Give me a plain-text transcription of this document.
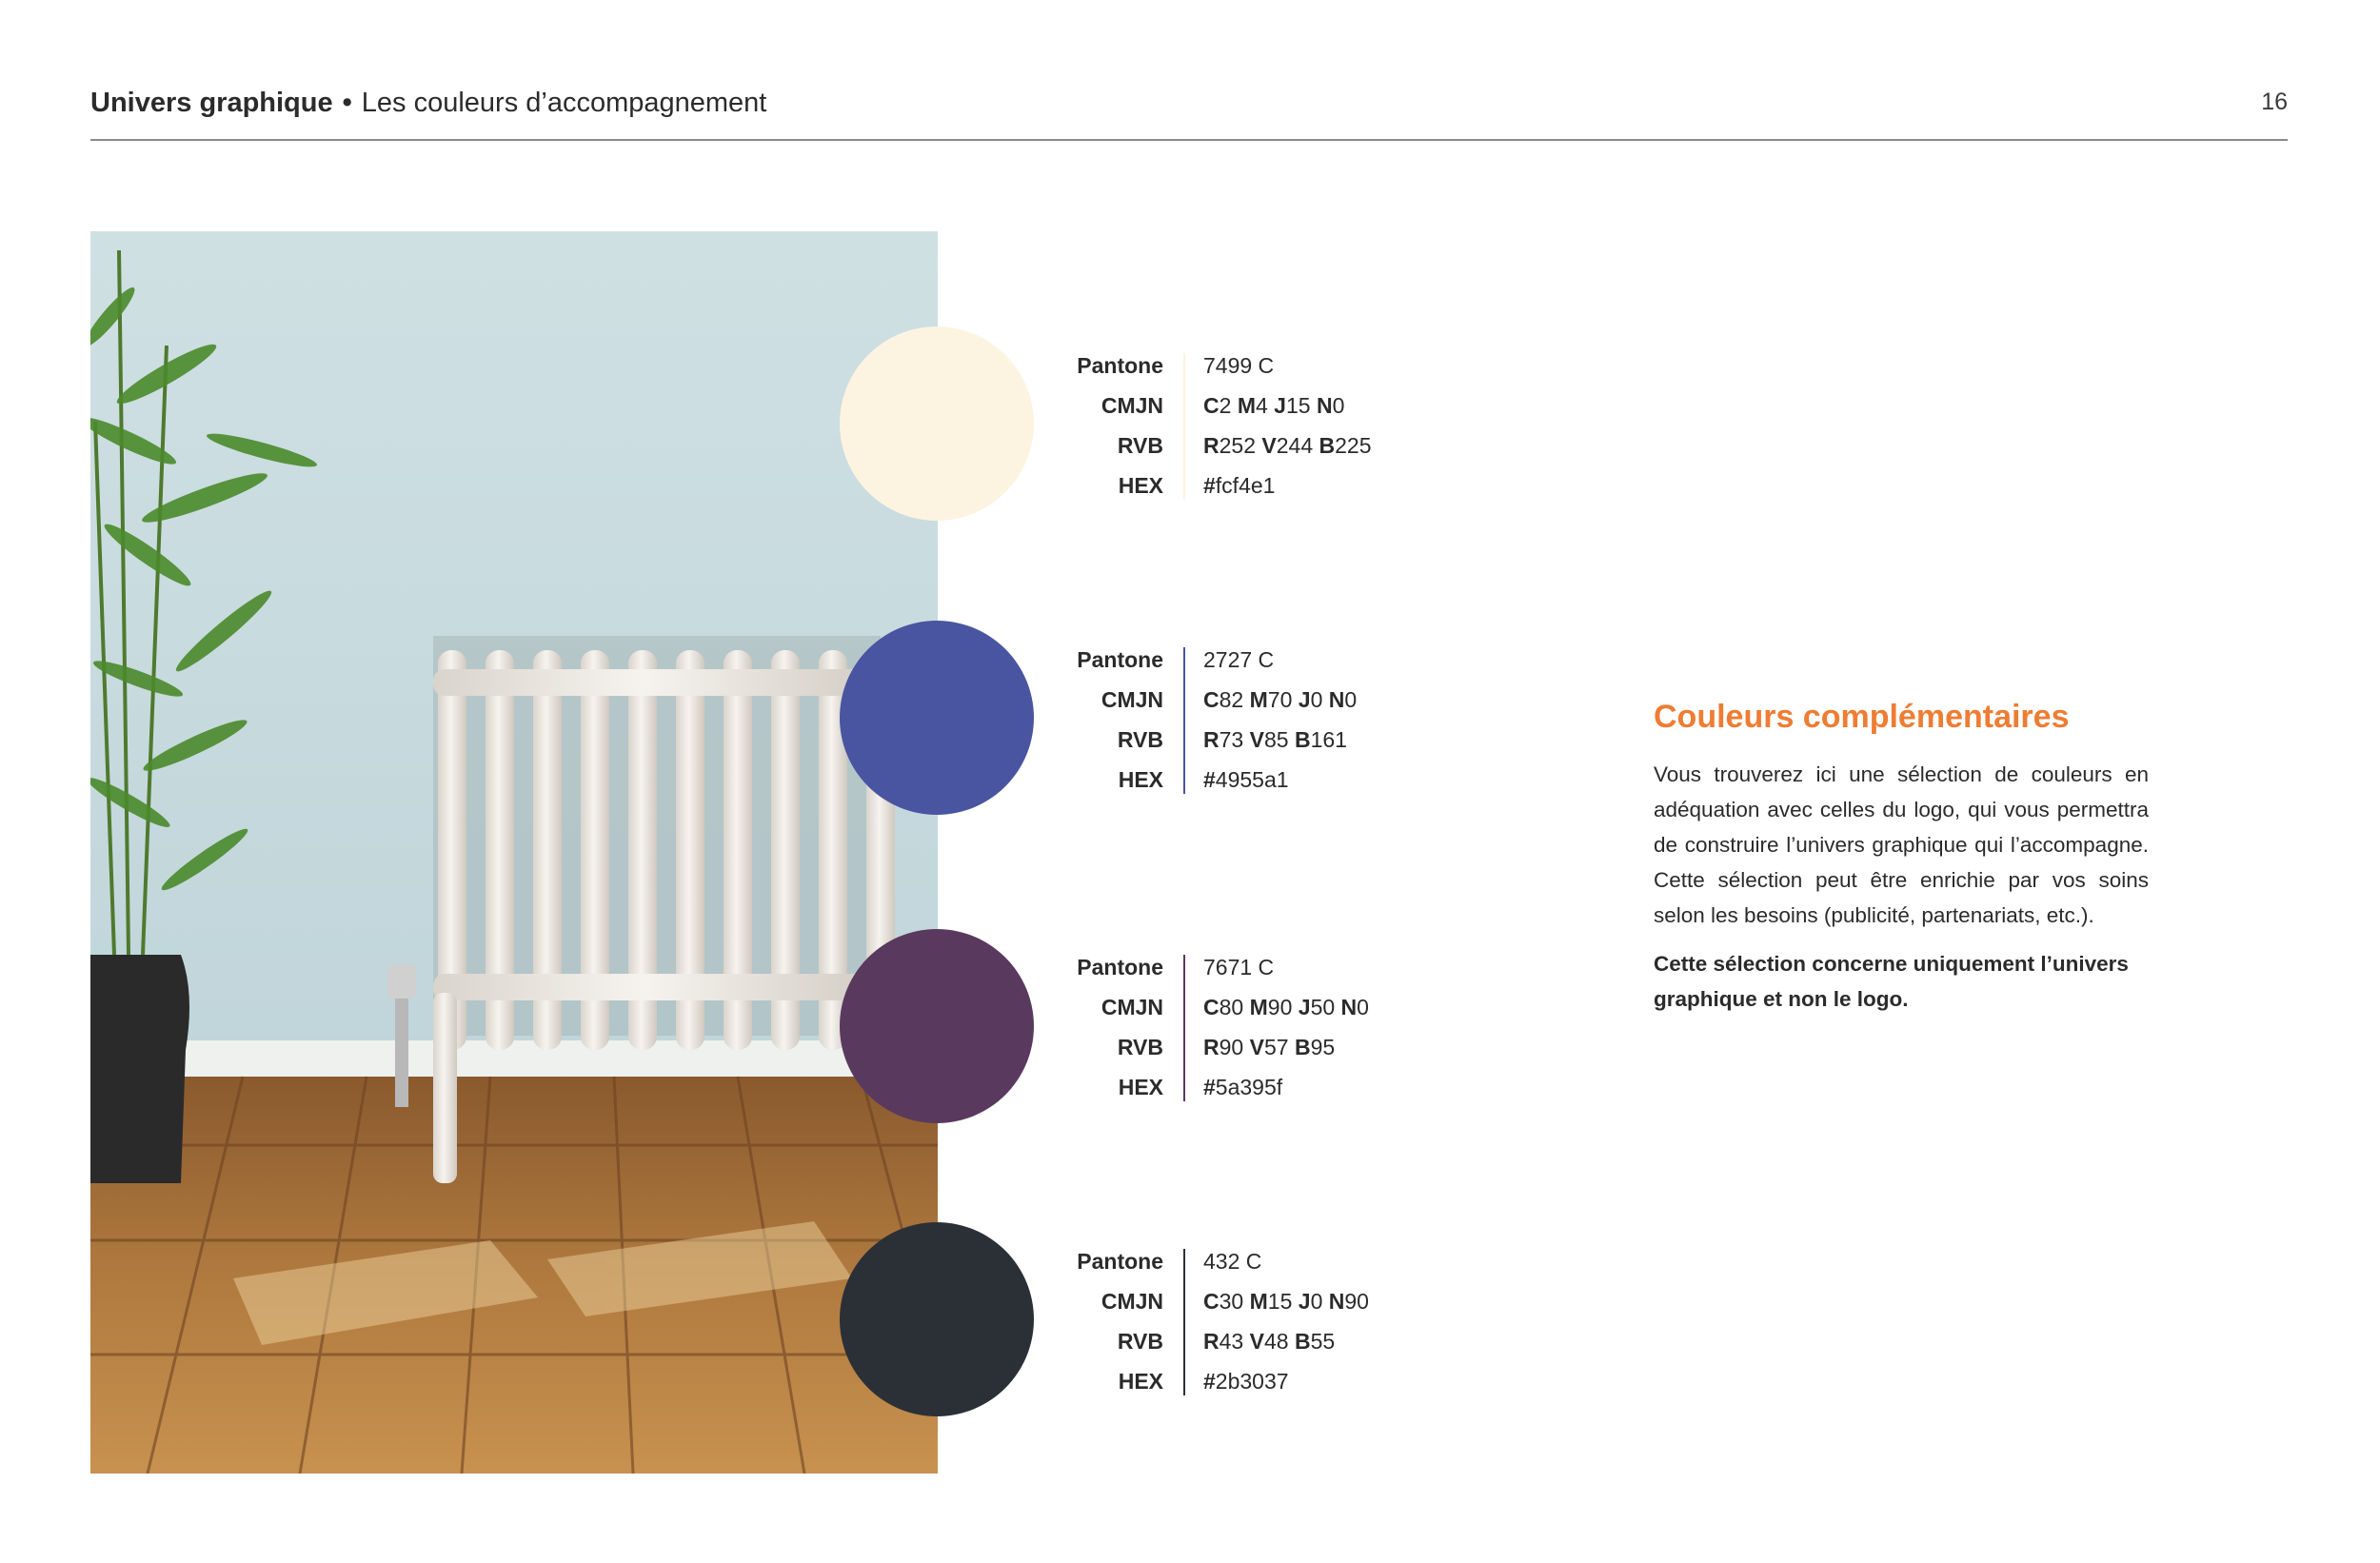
Univers graphique • Les couleurs d’accompagnement	16
Pantone 7499 C
CMJN C2 M4 J15 N0
RVB R252 V244 B225
HEX #fcf4e1
Pantone 2727 C
CMJN C82 M70 J0 N0
RVB R73 V85 B161
HEX #4955a1
Pantone 7671 C
CMJN C80 M90 J50 N0
RVB R90 V57 B95
HEX #5a395f
Pantone 432 C
CMJN C30 M15 J0 N90
RVB R43 V48 B55
HEX #2b3037
Couleurs complémentaires

Vous trouverez ici une sélection de couleurs en adéquation avec celles du logo, qui vous permettra de construire l’univers graphique qui l’accompagne. Cette sélection peut être enrichie par vos soins selon les besoins (publicité, partenariats, etc.).

Cette sélection concerne uniquement l’univers graphique et non le logo.
